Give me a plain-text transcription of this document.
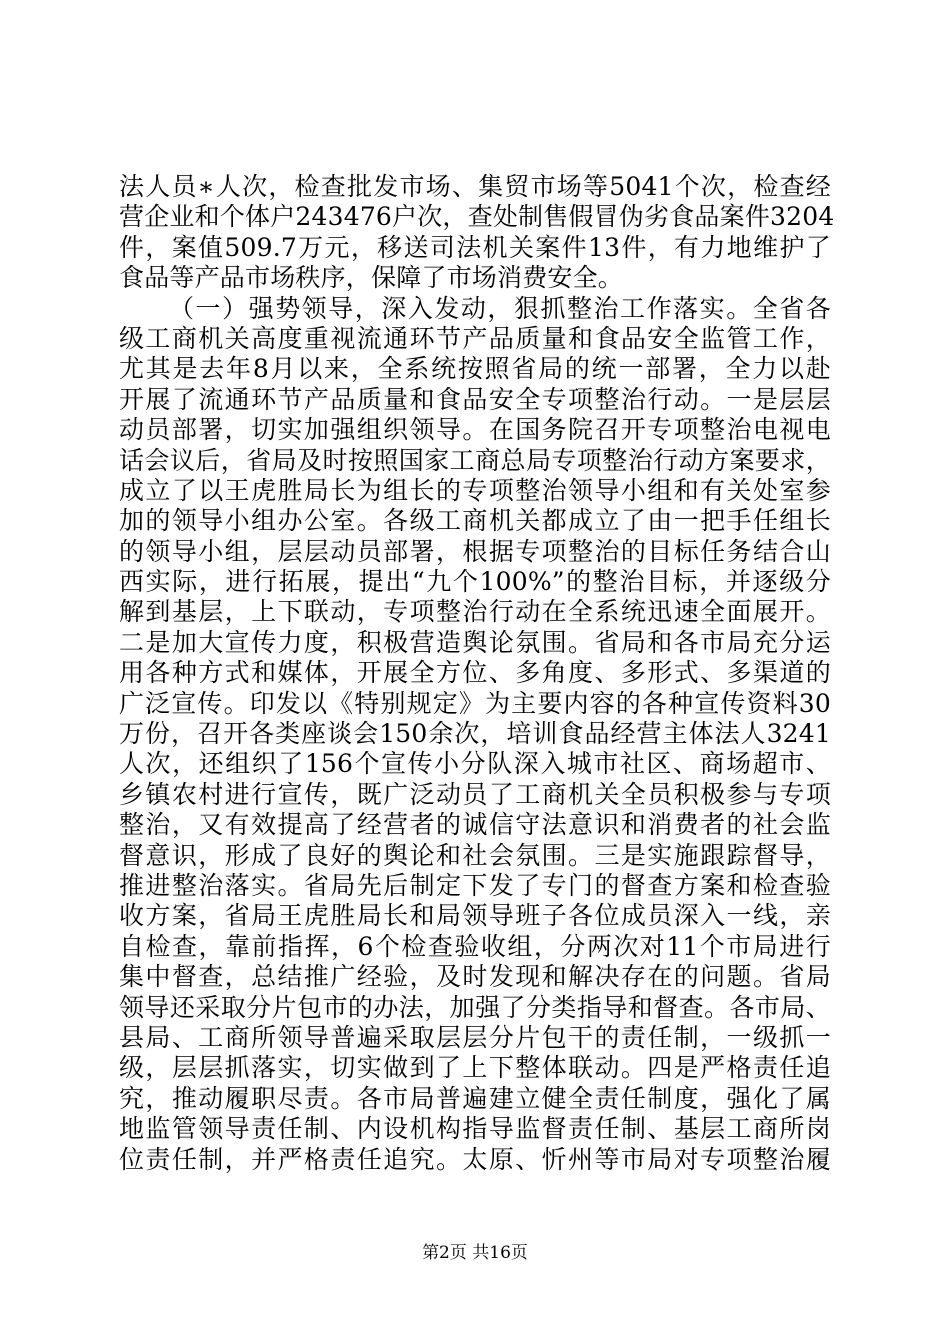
法人员∗人次，检查批发市场、集贸市场等5041个次，检查经
营企业和个体户243476户次，查处制售假冒伪劣食品案件3204
件，案值509.7万元，移送司法机关案件13件，有力地维护了
食品等产品市场秩序，保障了市场消费安全。
（一）强势领导，深入发动，狠抓整治工作落实。全省各
级工商机关高度重视流通环节产品质量和食品安全监管工作，
尤其是去年8月以来，全系统按照省局的统一部署，全力以赴
开展了流通环节产品质量和食品安全专项整治行动。一是层层
动员部署，切实加强组织领导。在国务院召开专项整治电视电
话会议后，省局及时按照国家工商总局专项整治行动方案要求，
成立了以王虎胜局长为组长的专项整治领导小组和有关处室参
加的领导小组办公室。各级工商机关都成立了由一把手任组长
的领导小组，层层动员部署，根据专项整治的目标任务结合山
西实际，进行拓展，提出“九个100%”的整治目标，并逐级分
解到基层，上下联动，专项整治行动在全系统迅速全面展开。
二是加大宣传力度，积极营造舆论氛围。省局和各市局充分运
用各种方式和媒体，开展全方位、多角度、多形式、多渠道的
广泛宣传。印发以《特别规定》为主要内容的各种宣传资料30
万份，召开各类座谈会150余次，培训食品经营主体法人3241
人次，还组织了156个宣传小分队深入城市社区、商场超市、
乡镇农村进行宣传，既广泛动员了工商机关全员积极参与专项
整治，又有效提高了经营者的诚信守法意识和消费者的社会监
督意识，形成了良好的舆论和社会氛围。三是实施跟踪督导，
推进整治落实。省局先后制定下发了专门的督查方案和检查验
收方案，省局王虎胜局长和局领导班子各位成员深入一线，亲
自检查，靠前指挥，6个检查验收组，分两次对11个市局进行
集中督查，总结推广经验，及时发现和解决存在的问题。省局
领导还采取分片包市的办法，加强了分类指导和督查。各市局、
县局、工商所领导普遍采取层层分片包干的责任制，一级抓一
级，层层抓落实，切实做到了上下整体联动。四是严格责任追
究，推动履职尽责。各市局普遍建立健全责任制度，强化了属
地监管领导责任制、内设机构指导监督责任制、基层工商所岗
位责任制，并严格责任追究。太原、忻州等市局对专项整治履
第2页 共16页
